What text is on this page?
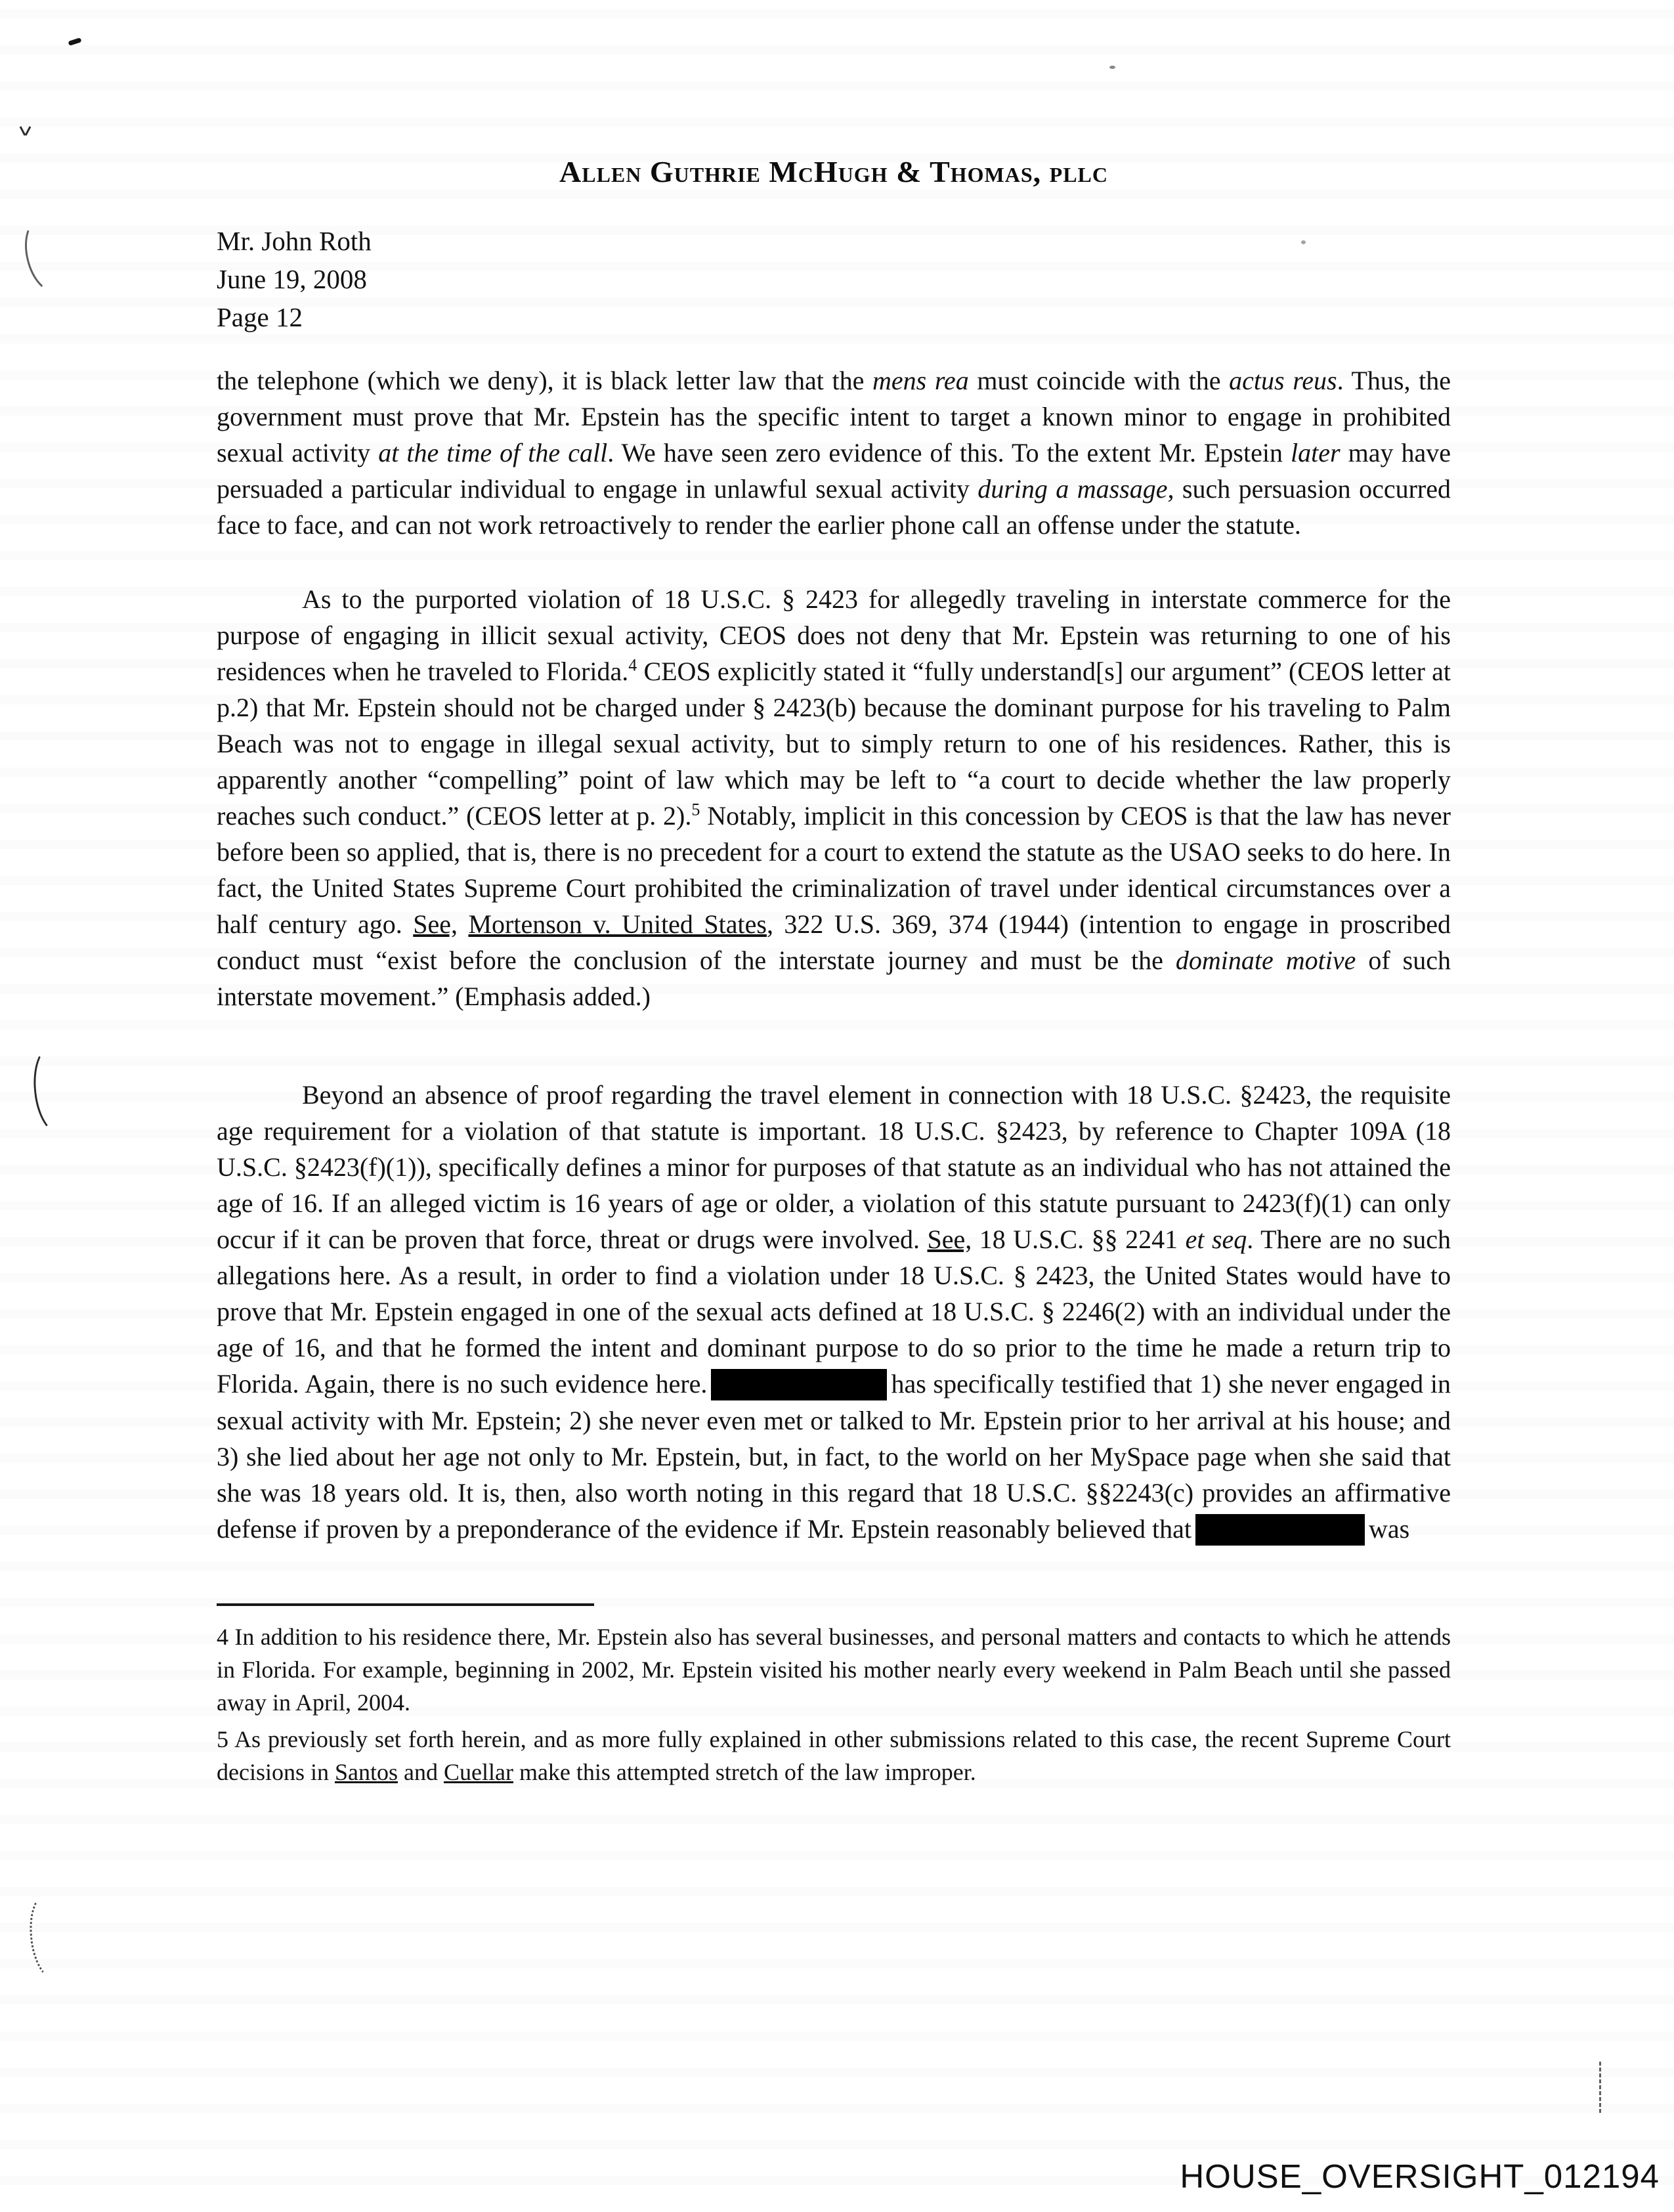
Allen Guthrie McHugh & Thomas, pllc
Mr. John Roth
June 19, 2008
Page 12

the telephone (which we deny), it is black letter law that the mens rea must coincide with the actus reus. Thus, the government must prove that Mr. Epstein has the specific intent to target a known minor to engage in prohibited sexual activity at the time of the call. We have seen zero evidence of this. To the extent Mr. Epstein later may have persuaded a particular individual to engage in unlawful sexual activity during a massage, such persuasion occurred face to face, and can not work retroactively to render the earlier phone call an offense under the statute.

As to the purported violation of 18 U.S.C. § 2423 for allegedly traveling in interstate commerce for the purpose of engaging in illicit sexual activity, CEOS does not deny that Mr. Epstein was returning to one of his residences when he traveled to Florida.$^4$ CEOS explicitly stated it “fully understand[s] our argument” (CEOS letter at p.2) that Mr. Epstein should not be charged under § 2423(b) because the dominant purpose for his traveling to Palm Beach was not to engage in illegal sexual activity, but to simply return to one of his residences. Rather, this is apparently another “compelling” point of law which may be left to “a court to decide whether the law properly reaches such conduct.” (CEOS letter at p. 2).$^5$ Notably, implicit in this concession by CEOS is that the law has never before been so applied, that is, there is no precedent for a court to extend the statute as the USAO seeks to do here. In fact, the United States Supreme Court prohibited the criminalization of travel under identical circumstances over a half century ago. See, Mortenson v. United States, 322 U.S. 369, 374 (1944) (intention to engage in proscribed conduct must “exist before the conclusion of the interstate journey and must be the dominate motive of such interstate movement.” (Emphasis added.)

Beyond an absence of proof regarding the travel element in connection with 18 U.S.C. §2423, the requisite age requirement for a violation of that statute is important. 18 U.S.C. §2423, by reference to Chapter 109A (18 U.S.C. §2423(f)(1)), specifically defines a minor for purposes of that statute as an individual who has not attained the age of 16. If an alleged victim is 16 years of age or older, a violation of this statute pursuant to 2423(f)(1) can only occur if it can be proven that force, threat or drugs were involved. See, 18 U.S.C. §§ 2241 et seq. There are no such allegations here. As a result, in order to find a violation under 18 U.S.C. § 2423, the United States would have to prove that Mr. Epstein engaged in one of the sexual acts defined at 18 U.S.C. § 2246(2) with an individual under the age of 16, and that he formed the intent and dominant purpose to do so prior to the time he made a return trip to Florida. Again, there is no such evidence here.	has specifically testified that 1) she never engaged in sexual activity with Mr. Epstein; 2) she never even met or talked to Mr. Epstein prior to her arrival at his house; and 3) she lied about her age not only to Mr. Epstein, but, in fact, to the world on her MySpace page when she said that she was 18 years old. It is, then, also worth noting in this regard that 18 U.S.C. §§2243(c) provides an affirmative defense if proven by a preponderance of the evidence if Mr. Epstein reasonably believed that	was

4 In addition to his residence there, Mr. Epstein also has several businesses, and personal matters and contacts to which he attends in Florida. For example, beginning in 2002, Mr. Epstein visited his mother nearly every weekend in Palm Beach until she passed away in April, 2004.

5 As previously set forth herein, and as more fully explained in other submissions related to this case, the recent Supreme Court decisions in Santos and Cuellar make this attempted stretch of the law improper.

HOUSE_OVERSIGHT_012194
